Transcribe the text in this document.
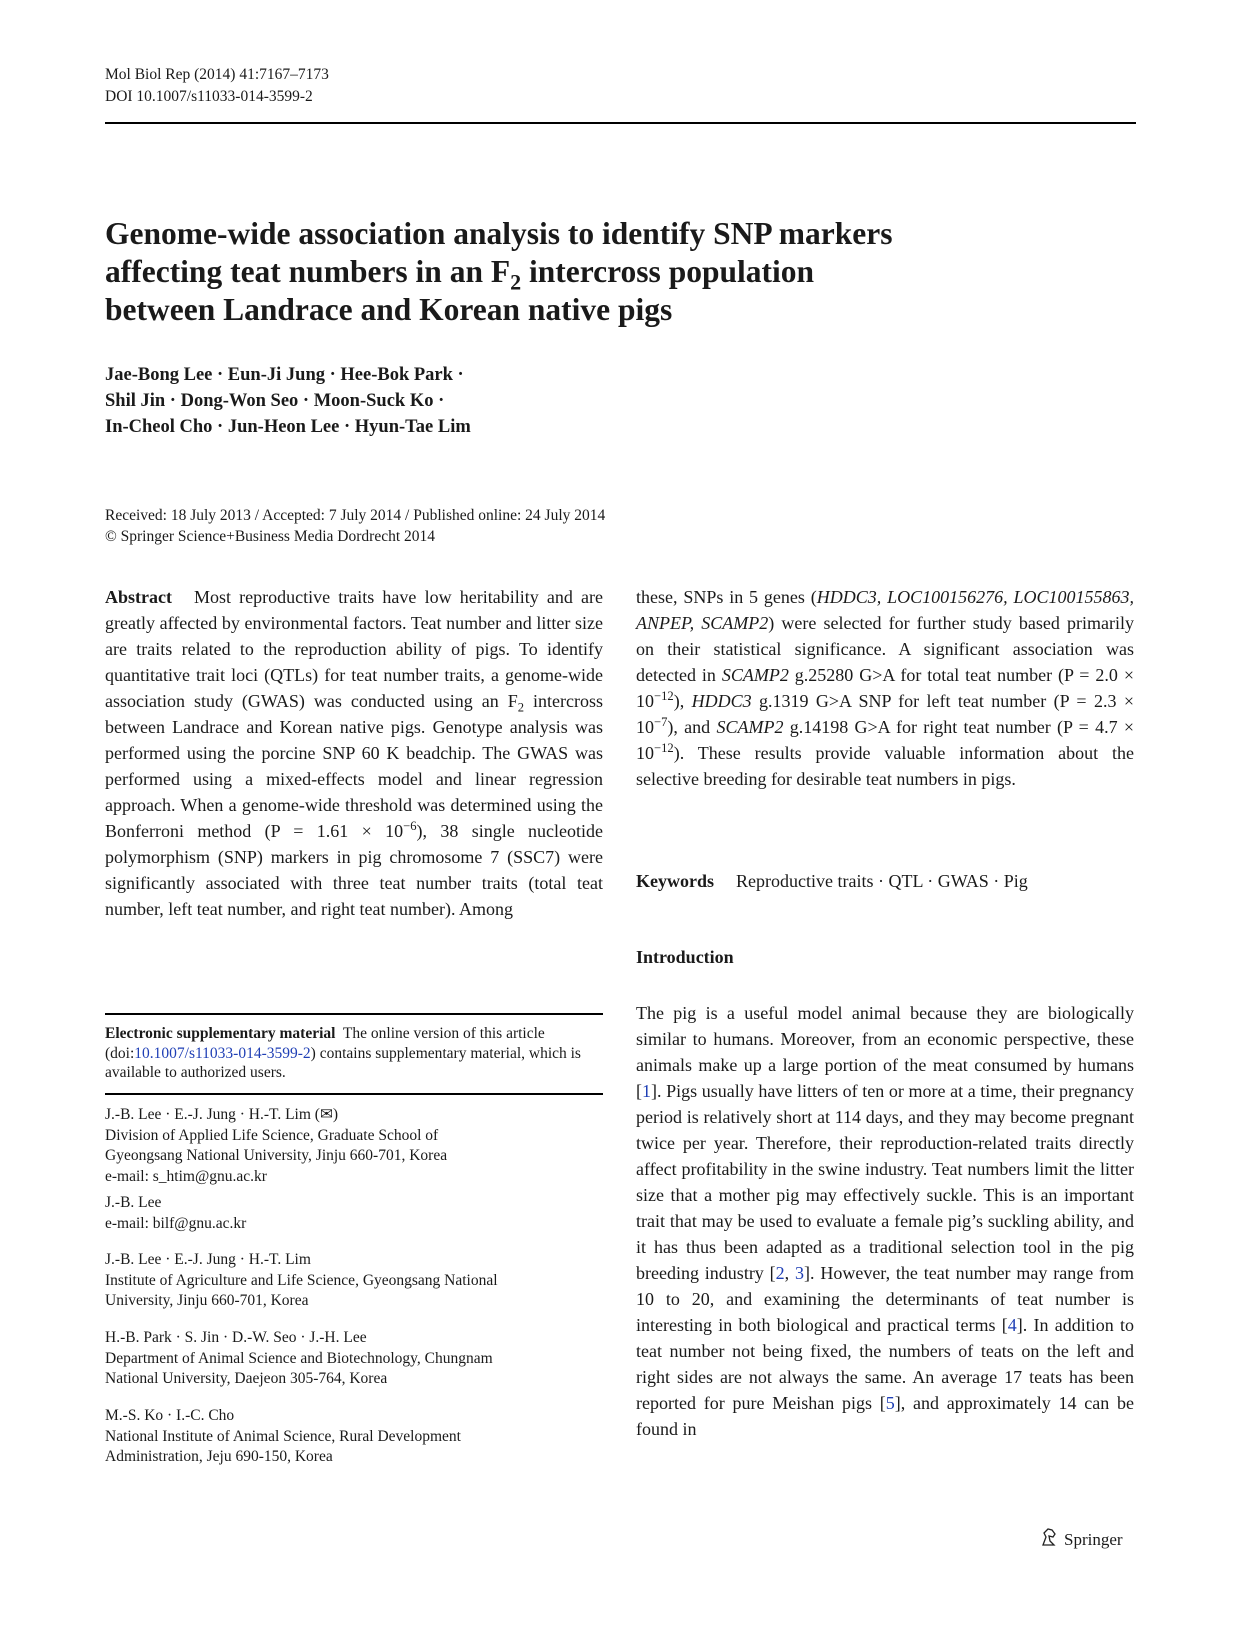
Mol Biol Rep (2014) 41:7167–7173
DOI 10.1007/s11033-014-3599-2
Genome-wide association analysis to identify SNP markers
affecting teat numbers in an $F_2$ intercross population
between Landrace and Korean native pigs
Jae-Bong Lee · Eun-Ji Jung · Hee-Bok Park ·
Shil Jin · Dong-Won Seo · Moon-Suck Ko ·
In-Cheol Cho · Jun-Heon Lee · Hyun-Tae Lim
Received: 18 July 2013 / Accepted: 7 July 2014 / Published online: 24 July 2014
© Springer Science+Business Media Dordrecht 2014

Abstract Most reproductive traits have low heritability and are greatly affected by environmental factors. Teat number and litter size are traits related to the reproduction ability of pigs. To identify quantitative trait loci (QTLs) for teat number traits, a genome-wide association study (GWAS) was conducted using an $F_2$ intercross between Landrace and Korean native pigs. Genotype analysis was performed using the porcine SNP 60 K beadchip. The GWAS was performed using a mixed-effects model and linear regression approach. When a genome-wide threshold was determined using the Bonferroni method $(P = 1.61 \times 10^{-6})$, 38 single nucleotide polymorphism (SNP) markers in pig chromosome 7 (SSC7) were significantly associated with three teat number traits (total teat number, left teat number, and right teat number). Among

these, SNPs in 5 genes (HDDC3, LOC100156276, LOC100155863, ANPEP, SCAMP2) were selected for further study based primarily on their statistical significance. A significant association was detected in SCAMP2 g.25280 G>A for total teat number $(P = 2.0 \times 10^{-12})$, HDDC3 g.1319 G>A SNP for left teat number $(P = 2.3 \times 10^{-7})$, and SCAMP2 g.14198 G>A for right teat number $(P = 4.7 \times 10^{-12})$. These results provide valuable information about the selective breeding for desirable teat numbers in pigs.

Keywords Reproductive traits · QTL · GWAS · Pig
Introduction

The pig is a useful model animal because they are biologically similar to humans. Moreover, from an economic perspective, these animals make up a large portion of the meat consumed by humans [1]. Pigs usually have litters of ten or more at a time, their pregnancy period is relatively short at 114 days, and they may become pregnant twice per year. Therefore, their reproduction-related traits directly affect profitability in the swine industry. Teat numbers limit the litter size that a mother pig may effectively suckle. This is an important trait that may be used to evaluate a female pig’s suckling ability, and it has thus been adapted as a traditional selection tool in the pig breeding industry [2, 3]. However, the teat number may range from 10 to 20, and examining the determinants of teat number is interesting in both biological and practical terms [4]. In addition to teat number not being fixed, the numbers of teats on the left and right sides are not always the same. An average 17 teats has been reported for pure Meishan pigs [5], and approximately 14 can be found in

Electronic supplementary material  The online version of this article (doi:10.1007/s11033-014-3599-2) contains supplementary material, which is available to authorized users.
J.-B. Lee · E.-J. Jung · H.-T. Lim (✉)
Division of Applied Life Science, Graduate School of
Gyeongsang National University, Jinju 660-701, Korea
e-mail: s_htim@gnu.ac.kr
J.-B. Lee
e-mail: bilf@gnu.ac.kr
J.-B. Lee · E.-J. Jung · H.-T. Lim
Institute of Agriculture and Life Science, Gyeongsang National
University, Jinju 660-701, Korea
H.-B. Park · S. Jin · D.-W. Seo · J.-H. Lee
Department of Animal Science and Biotechnology, Chungnam
National University, Daejeon 305-764, Korea
M.-S. Ko · I.-C. Cho
National Institute of Animal Science, Rural Development
Administration, Jeju 690-150, Korea
Springer
